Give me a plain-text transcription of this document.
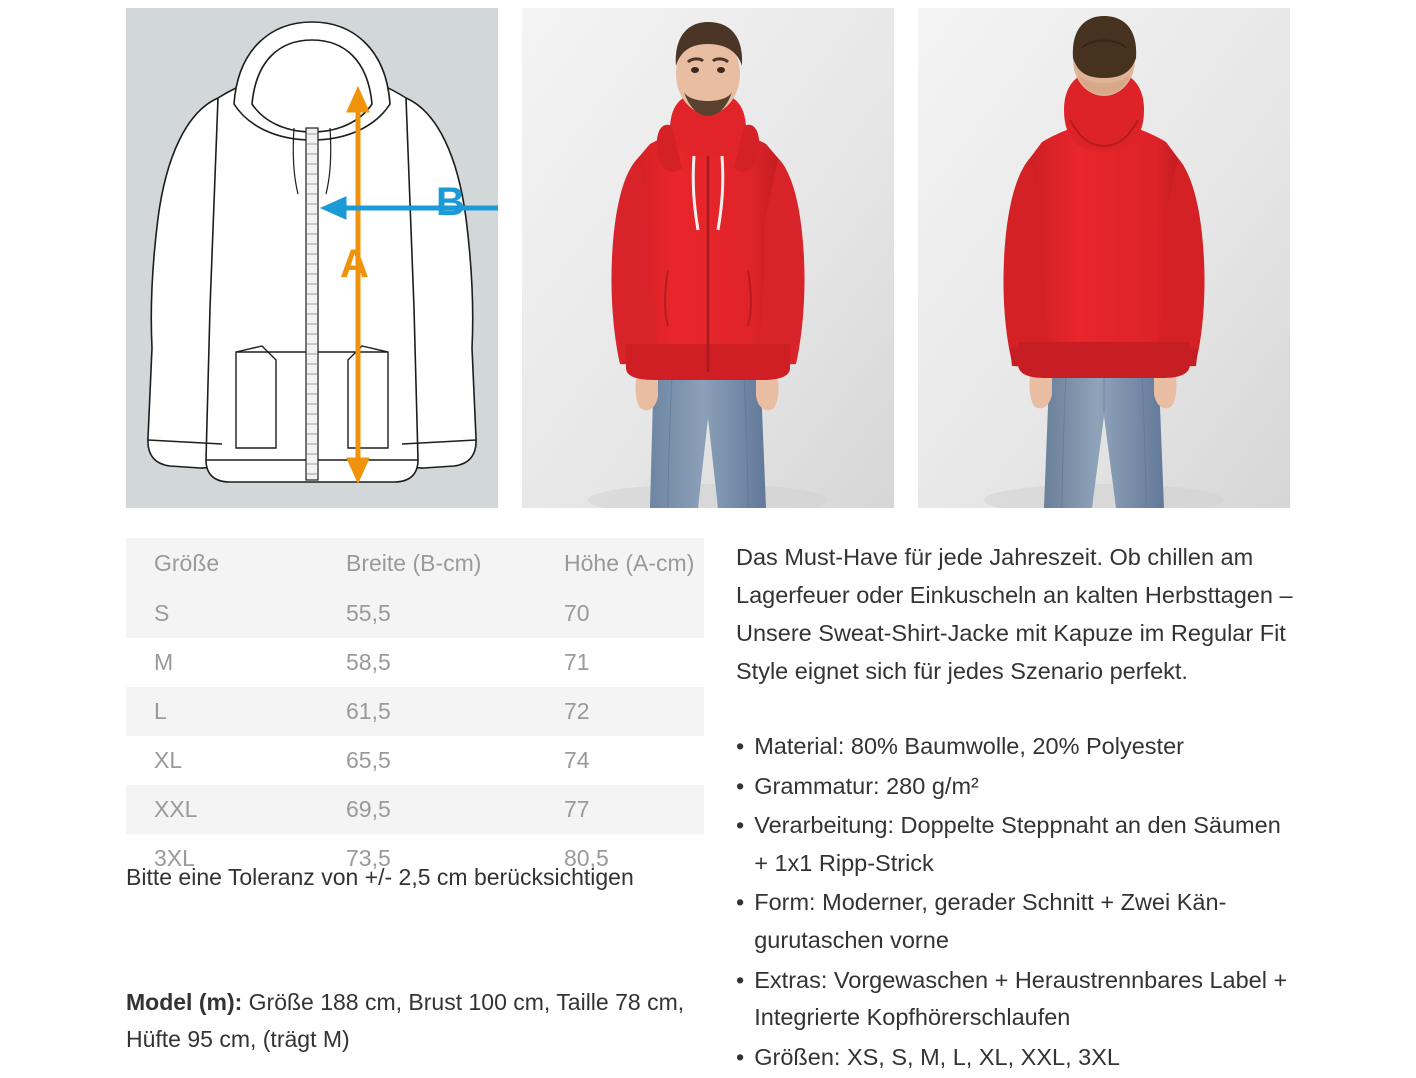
A
B
Größe	Breite (B-cm)	Höhe (A-cm)
S	55,5	70
M	58,5	71
L	61,5	72
XL	65,5	74
XXL	69,5	77
3XL	73,5	80,5
Bitte eine Toleranz von +/- 2,5 cm berücksichtigen
Model (m): Größe 188 cm, Brust 100 cm, Taille 78 cm, Hüfte 95 cm, (trägt M)
Das Must-Have für jede Jahreszeit. Ob chillen am Lagerfeuer oder Einkuscheln an kalten Herbsttagen – Unsere Sweat-Shirt-Jacke mit Kapuze im Regular Fit Style eignet sich für jedes Szenario perfekt.
• Material: 80% Baumwolle, 20% Polyester
• Grammatur: 280 g/m²
• Verarbeitung: Doppelte Steppnaht an den Säumen + 1x1 Ripp-Strick
• Form: Moderner, gerader Schnitt + Zwei Kän-gurutaschen vorne
• Extras: Vorgewaschen + Heraustrennbares Label + Integrierte Kopfhörerschlaufen
• Größen: XS, S, M, L, XL, XXL, 3XL
